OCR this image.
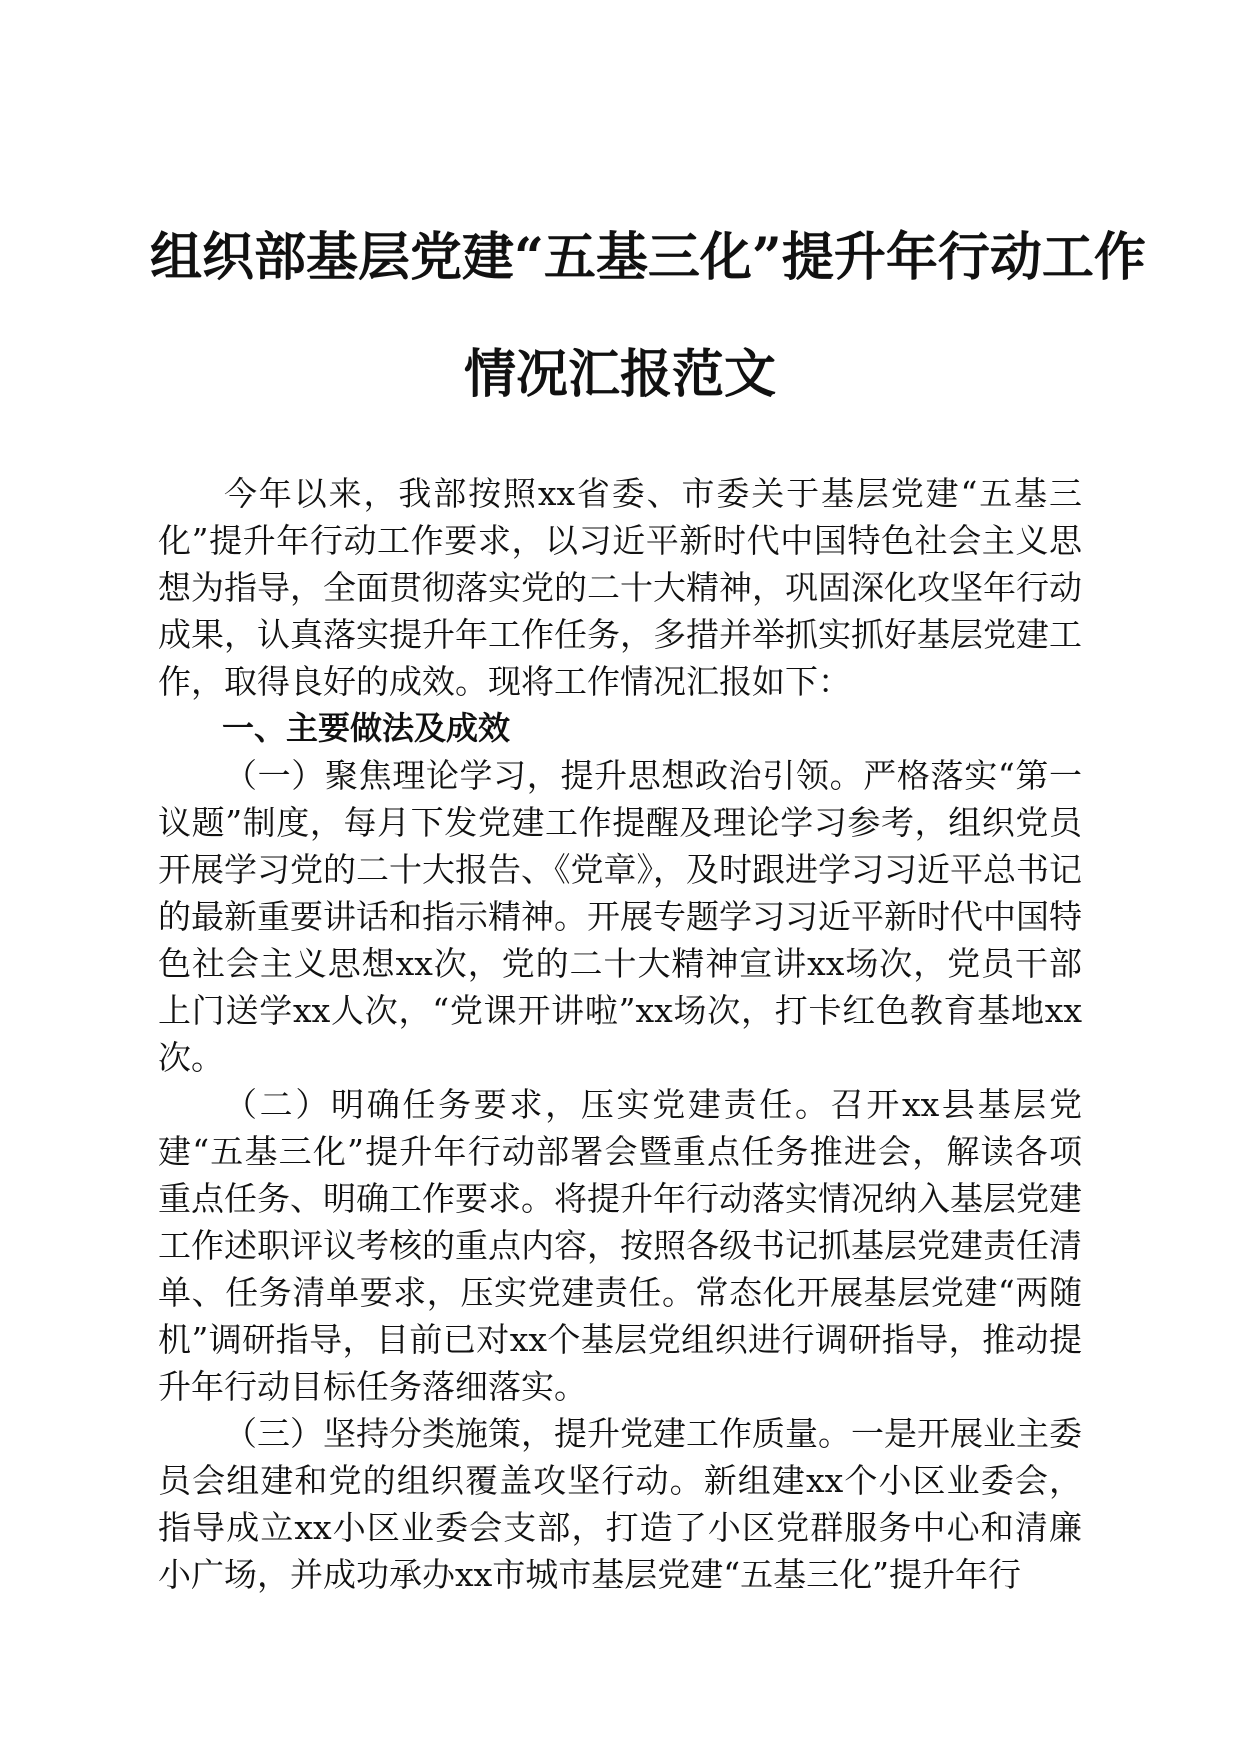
组织部基层党建“五基三化”提升年行动工作
情况汇报范文

今年以来，我部按照xx省委、市委关于基层党建“五基三化”提升年行动工作要求，以习近平新时代中国特色社会主义思想为指导，全面贯彻落实党的二十大精神，巩固深化攻坚年行动成果，认真落实提升年工作任务，多措并举抓实抓好基层党建工作，取得良好的成效。现将工作情况汇报如下：

一、主要做法及成效

（一）聚焦理论学习，提升思想政治引领。严格落实“第一议题”制度，每月下发党建工作提醒及理论学习参考，组织党员开展学习党的二十大报告、《党章》，及时跟进学习习近平总书记的最新重要讲话和指示精神。开展专题学习习近平新时代中国特色社会主义思想xx次，党的二十大精神宣讲xx场次，党员干部上门送学xx人次，“党课开讲啦”xx场次，打卡红色教育基地xx次。

（二）明确任务要求，压实党建责任。召开xx县基层党建“五基三化”提升年行动部署会暨重点任务推进会，解读各项重点任务、明确工作要求。将提升年行动落实情况纳入基层党建工作述职评议考核的重点内容，按照各级书记抓基层党建责任清单、任务清单要求，压实党建责任。常态化开展基层党建“两随机”调研指导，目前已对xx个基层党组织进行调研指导，推动提升年行动目标任务落细落实。

（三）坚持分类施策，提升党建工作质量。一是开展业主委员会组建和党的组织覆盖攻坚行动。新组建xx个小区业委会，指导成立xx小区业委会支部，打造了小区党群服务中心和清廉小广场，并成功承办xx市城市基层党建“五基三化”提升年行
